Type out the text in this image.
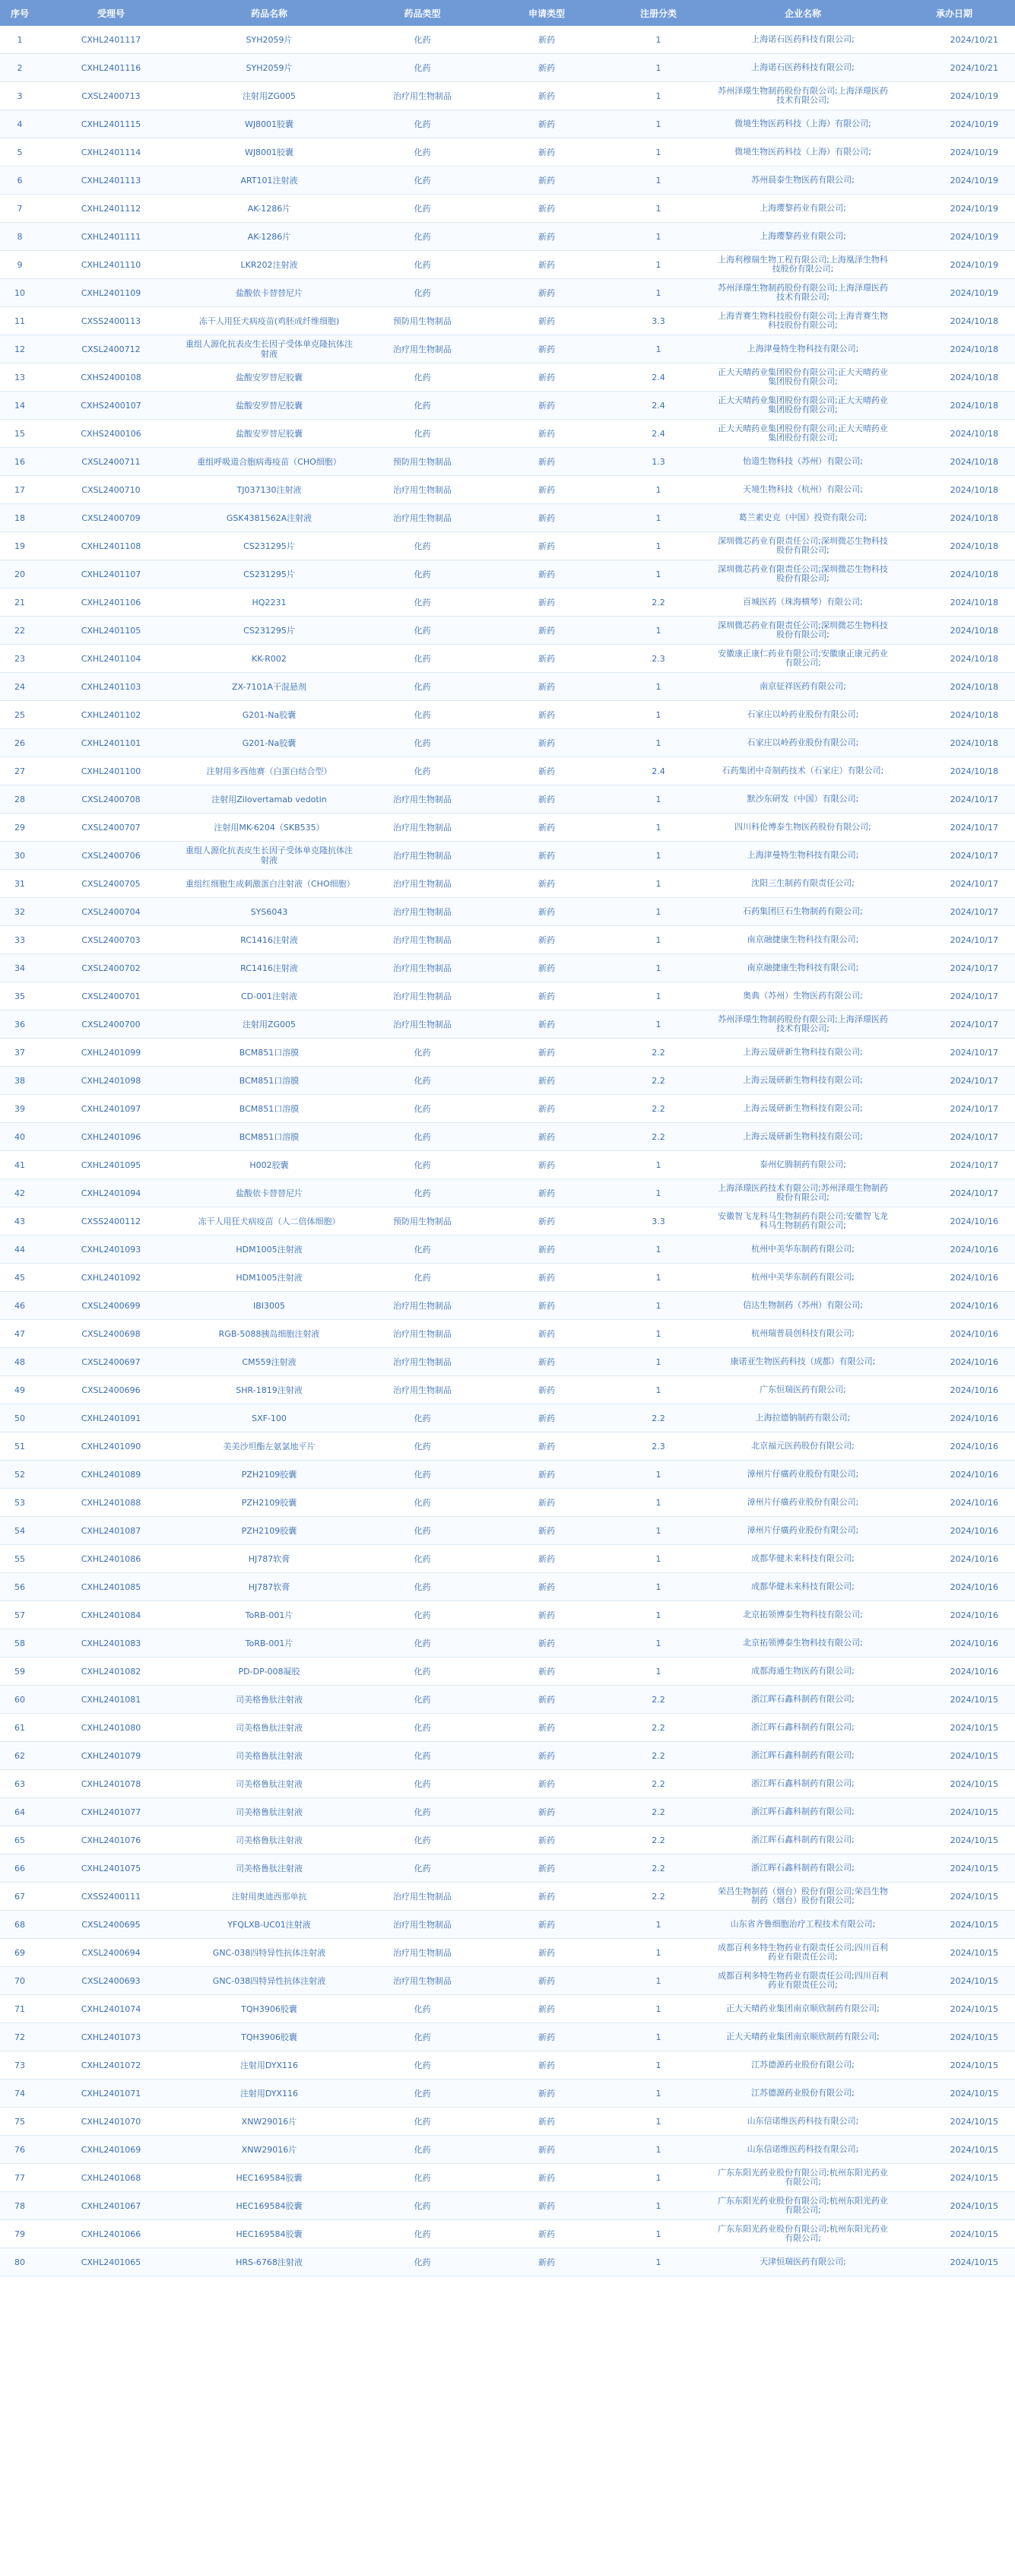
序号	受理号	药品名称	药品类型	申请类型	注册分类	企业名称	承办日期
1	CXHL2401117	SYH2059片	化药	新药	1	上海诺石医药科技有限公司;	2024/10/21
2	CXHL2401116	SYH2059片	化药	新药	1	上海诺石医药科技有限公司;	2024/10/21
3	CXSL2400713	注射用ZG005	治疗用生物制品	新药	1	苏州泽璟生物制药股份有限公司;上海泽璟医药技术有限公司;	2024/10/19
4	CXHL2401115	WJ8001胶囊	化药	新药	1	微境生物医药科技（上海）有限公司;	2024/10/19
5	CXHL2401114	WJ8001胶囊	化药	新药	1	微境生物医药科技（上海）有限公司;	2024/10/19
6	CXHL2401113	ART101注射液	化药	新药	1	苏州晨泰生物医药有限公司;	2024/10/19
7	CXHL2401112	AK-1286片	化药	新药	1	上海璎黎药业有限公司;	2024/10/19
8	CXHL2401111	AK-1286片	化药	新药	1	上海璎黎药业有限公司;	2024/10/19
9	CXHL2401110	LKR202注射液	化药	新药	1	上海利穆瑞生物工程有限公司;上海凰泽生物科技股份有限公司;	2024/10/19
10	CXHL2401109	盐酸依卡替替尼片	化药	新药	1	苏州泽璟生物制药股份有限公司;上海泽璟医药技术有限公司;	2024/10/19
11	CXSS2400113	冻干人用狂犬病疫苗(鸡胚成纤维细胞)	预防用生物制品	新药	3.3	上海青赛生物科技股份有限公司;上海青赛生物科技股份有限公司;	2024/10/18
12	CXSL2400712	重组人源化抗表皮生长因子受体单克隆抗体注射液	治疗用生物制品	新药	1	上海津曼特生物科技有限公司;	2024/10/18
13	CXHS2400108	盐酸安罗替尼胶囊	化药	新药	2.4	正大天晴药业集团股份有限公司;正大天晴药业集团股份有限公司;	2024/10/18
14	CXHS2400107	盐酸安罗替尼胶囊	化药	新药	2.4	正大天晴药业集团股份有限公司;正大天晴药业集团股份有限公司;	2024/10/18
15	CXHS2400106	盐酸安罗替尼胶囊	化药	新药	2.4	正大天晴药业集团股份有限公司;正大天晴药业集团股份有限公司;	2024/10/18
16	CXSL2400711	重组呼吸道合胞病毒疫苗（CHO细胞）	预防用生物制品	新药	1.3	怡道生物科技（苏州）有限公司;	2024/10/18
17	CXSL2400710	TJ037130注射液	治疗用生物制品	新药	1	天境生物科技（杭州）有限公司;	2024/10/18
18	CXSL2400709	GSK4381562A注射液	治疗用生物制品	新药	1	葛兰素史克（中国）投资有限公司;	2024/10/18
19	CXHL2401108	CS231295片	化药	新药	1	深圳微芯药业有限责任公司;深圳微芯生物科技股份有限公司;	2024/10/18
20	CXHL2401107	CS231295片	化药	新药	1	深圳微芯药业有限责任公司;深圳微芯生物科技股份有限公司;	2024/10/18
21	CXHL2401106	HQ2231	化药	新药	2.2	百城医药（珠海横琴）有限公司;	2024/10/18
22	CXHL2401105	CS231295片	化药	新药	1	深圳微芯药业有限责任公司;深圳微芯生物科技股份有限公司;	2024/10/18
23	CXHL2401104	KK-R002	化药	新药	2.3	安徽康正康仁药业有限公司;安徽康正康元药业有限公司;	2024/10/18
24	CXHL2401103	ZX-7101A干混悬剂	化药	新药	1	南京征祥医药有限公司;	2024/10/18
25	CXHL2401102	G201-Na胶囊	化药	新药	1	石家庄以岭药业股份有限公司;	2024/10/18
26	CXHL2401101	G201-Na胶囊	化药	新药	1	石家庄以岭药业股份有限公司;	2024/10/18
27	CXHL2401100	注射用多西他赛（白蛋白结合型）	化药	新药	2.4	石药集团中奇制药技术（石家庄）有限公司;	2024/10/18
28	CXSL2400708	注射用Zilovertamab vedotin	治疗用生物制品	新药	1	默沙东研发（中国）有限公司;	2024/10/17
29	CXSL2400707	注射用MK-6204（SKB535）	治疗用生物制品	新药	1	四川科伦博泰生物医药股份有限公司;	2024/10/17
30	CXSL2400706	重组人源化抗表皮生长因子受体单克隆抗体注射液	治疗用生物制品	新药	1	上海津曼特生物科技有限公司;	2024/10/17
31	CXSL2400705	重组红细胞生成刺激蛋白注射液（CHO细胞）	治疗用生物制品	新药	1	沈阳三生制药有限责任公司;	2024/10/17
32	CXSL2400704	SYS6043	治疗用生物制品	新药	1	石药集团巨石生物制药有限公司;	2024/10/17
33	CXSL2400703	RC1416注射液	治疗用生物制品	新药	1	南京融捷康生物科技有限公司;	2024/10/17
34	CXSL2400702	RC1416注射液	治疗用生物制品	新药	1	南京融捷康生物科技有限公司;	2024/10/17
35	CXSL2400701	CD-001注射液	治疗用生物制品	新药	1	奥典（苏州）生物医药有限公司;	2024/10/17
36	CXSL2400700	注射用ZG005	治疗用生物制品	新药	1	苏州泽璟生物制药股份有限公司;上海泽璟医药技术有限公司;	2024/10/17
37	CXHL2401099	BCM851口溶膜	化药	新药	2.2	上海云晟研新生物科技有限公司;	2024/10/17
38	CXHL2401098	BCM851口溶膜	化药	新药	2.2	上海云晟研新生物科技有限公司;	2024/10/17
39	CXHL2401097	BCM851口溶膜	化药	新药	2.2	上海云晟研新生物科技有限公司;	2024/10/17
40	CXHL2401096	BCM851口溶膜	化药	新药	2.2	上海云晟研新生物科技有限公司;	2024/10/17
41	CXHL2401095	H002胶囊	化药	新药	1	泰州亿腾制药有限公司;	2024/10/17
42	CXHL2401094	盐酸依卡替替尼片	化药	新药	1	上海泽璟医药技术有限公司;苏州泽璟生物制药股份有限公司;	2024/10/17
43	CXSS2400112	冻干人用狂犬病疫苗（人二倍体细胞）	预防用生物制品	新药	3.3	安徽智飞龙科马生物制药有限公司;安徽智飞龙科马生物制药有限公司;	2024/10/16
44	CXHL2401093	HDM1005注射液	化药	新药	1	杭州中美华东制药有限公司;	2024/10/16
45	CXHL2401092	HDM1005注射液	化药	新药	1	杭州中美华东制药有限公司;	2024/10/16
46	CXSL2400699	IBI3005	治疗用生物制品	新药	1	信达生物制药（苏州）有限公司;	2024/10/16
47	CXSL2400698	RGB-5088胰岛细胞注射液	治疗用生物制品	新药	1	杭州瑞普晨创科技有限公司;	2024/10/16
48	CXSL2400697	CM559注射液	治疗用生物制品	新药	1	康诺亚生物医药科技（成都）有限公司;	2024/10/16
49	CXSL2400696	SHR-1819注射液	治疗用生物制品	新药	1	广东恒瑞医药有限公司;	2024/10/16
50	CXHL2401091	SXF-100	化药	新药	2.2	上海拉德钠制药有限公司;	2024/10/16
51	CXHL2401090	美美沙坦酯左氨氯地平片	化药	新药	2.3	北京福元医药股份有限公司;	2024/10/16
52	CXHL2401089	PZH2109胶囊	化药	新药	1	漳州片仔癀药业股份有限公司;	2024/10/16
53	CXHL2401088	PZH2109胶囊	化药	新药	1	漳州片仔癀药业股份有限公司;	2024/10/16
54	CXHL2401087	PZH2109胶囊	化药	新药	1	漳州片仔癀药业股份有限公司;	2024/10/16
55	CXHL2401086	HJ787软膏	化药	新药	1	成都华健未来科技有限公司;	2024/10/16
56	CXHL2401085	HJ787软膏	化药	新药	1	成都华健未来科技有限公司;	2024/10/16
57	CXHL2401084	ToRB-001片	化药	新药	1	北京拓领博泰生物科技有限公司;	2024/10/16
58	CXHL2401083	ToRB-001片	化药	新药	1	北京拓领博泰生物科技有限公司;	2024/10/16
59	CXHL2401082	PD-DP-008凝胶	化药	新药	1	成都海通生物医药有限公司;	2024/10/16
60	CXHL2401081	司美格鲁肽注射液	化药	新药	2.2	浙江晖石鑫科制药有限公司;	2024/10/15
61	CXHL2401080	司美格鲁肽注射液	化药	新药	2.2	浙江晖石鑫科制药有限公司;	2024/10/15
62	CXHL2401079	司美格鲁肽注射液	化药	新药	2.2	浙江晖石鑫科制药有限公司;	2024/10/15
63	CXHL2401078	司美格鲁肽注射液	化药	新药	2.2	浙江晖石鑫科制药有限公司;	2024/10/15
64	CXHL2401077	司美格鲁肽注射液	化药	新药	2.2	浙江晖石鑫科制药有限公司;	2024/10/15
65	CXHL2401076	司美格鲁肽注射液	化药	新药	2.2	浙江晖石鑫科制药有限公司;	2024/10/15
66	CXHL2401075	司美格鲁肽注射液	化药	新药	2.2	浙江晖石鑫科制药有限公司;	2024/10/15
67	CXSS2400111	注射用奥迪西那单抗	治疗用生物制品	新药	2.2	荣昌生物制药（烟台）股份有限公司;荣昌生物制药（烟台）股份有限公司;	2024/10/15
68	CXSL2400695	YFQLXB-UC01注射液	治疗用生物制品	新药	1	山东省齐鲁细胞治疗工程技术有限公司;	2024/10/15
69	CXSL2400694	GNC-038四特异性抗体注射液	治疗用生物制品	新药	1	成都百利多特生物药业有限责任公司;四川百利药业有限责任公司;	2024/10/15
70	CXSL2400693	GNC-038四特异性抗体注射液	治疗用生物制品	新药	1	成都百利多特生物药业有限责任公司;四川百利药业有限责任公司;	2024/10/15
71	CXHL2401074	TQH3906胶囊	化药	新药	1	正大天晴药业集团南京顺欣制药有限公司;	2024/10/15
72	CXHL2401073	TQH3906胶囊	化药	新药	1	正大天晴药业集团南京顺欣制药有限公司;	2024/10/15
73	CXHL2401072	注射用DYX116	化药	新药	1	江苏德源药业股份有限公司;	2024/10/15
74	CXHL2401071	注射用DYX116	化药	新药	1	江苏德源药业股份有限公司;	2024/10/15
75	CXHL2401070	XNW29016片	化药	新药	1	山东信诺维医药科技有限公司;	2024/10/15
76	CXHL2401069	XNW29016片	化药	新药	1	山东信诺维医药科技有限公司;	2024/10/15
77	CXHL2401068	HEC169584胶囊	化药	新药	1	广东东阳光药业股份有限公司;杭州东阳光药业有限公司;	2024/10/15
78	CXHL2401067	HEC169584胶囊	化药	新药	1	广东东阳光药业股份有限公司;杭州东阳光药业有限公司;	2024/10/15
79	CXHL2401066	HEC169584胶囊	化药	新药	1	广东东阳光药业股份有限公司;杭州东阳光药业有限公司;	2024/10/15
80	CXHL2401065	HRS-6768注射液	化药	新药	1	天津恒瑞医药有限公司;	2024/10/15
